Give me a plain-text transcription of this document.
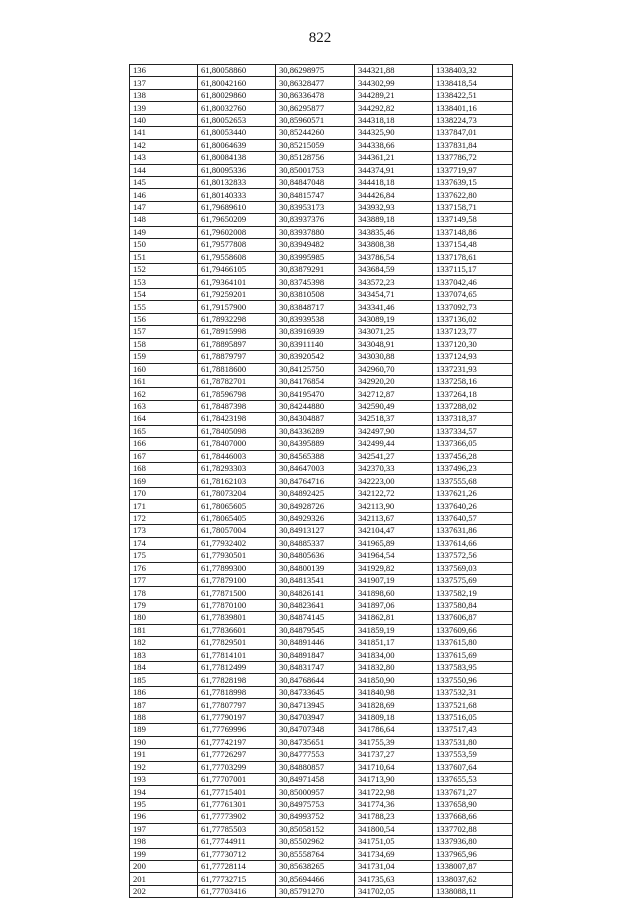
822
136	61,80058860	30,86298975	344321,88	1338403,32
137	61,80042160	30,86328477	344302,99	1338418,54
138	61,80029860	30,86336478	344289,21	1338422,51
139	61,80032760	30,86295877	344292,82	1338401,16
140	61,80052653	30,85960571	344318,18	1338224,73
141	61,80053440	30,85244260	344325,90	1337847,01
142	61,80064639	30,85215059	344338,66	1337831,84
143	61,80084138	30,85128756	344361,21	1337786,72
144	61,80095336	30,85001753	344374,91	1337719,97
145	61,80132833	30,84847048	344418,18	1337639,15
146	61,80140333	30,84815747	344426,84	1337622,80
147	61,79689610	30,83953173	343932,93	1337158,71
148	61,79650209	30,83937376	343889,18	1337149,58
149	61,79602008	30,83937880	343835,46	1337148,86
150	61,79577808	30,83949482	343808,38	1337154,48
151	61,79558608	30,83995985	343786,54	1337178,61
152	61,79466105	30,83879291	343684,59	1337115,17
153	61,79364101	30,83745398	343572,23	1337042,46
154	61,79259201	30,83810508	343454,71	1337074,65
155	61,79157900	30,83848717	343341,46	1337092,73
156	61,78932298	30,83939538	343089,19	1337136,02
157	61,78915998	30,83916939	343071,25	1337123,77
158	61,78895897	30,83911140	343048,91	1337120,30
159	61,78879797	30,83920542	343030,88	1337124,93
160	61,78818600	30,84125750	342960,70	1337231,93
161	61,78782701	30,84176854	342920,20	1337258,16
162	61,78596798	30,84195470	342712,87	1337264,18
163	61,78487398	30,84244880	342590,49	1337288,02
164	61,78423198	30,84304887	342518,37	1337318,37
165	61,78405098	30,84336289	342497,90	1337334,57
166	61,78407000	30,84395889	342499,44	1337366,05
167	61,78446003	30,84565388	342541,27	1337456,28
168	61,78293303	30,84647003	342370,33	1337496,23
169	61,78162103	30,84764716	342223,00	1337555,68
170	61,78073204	30,84892425	342122,72	1337621,26
171	61,78065605	30,84928726	342113,90	1337640,26
172	61,78065405	30,84929326	342113,67	1337640,57
173	61,78057004	30,84913127	342104,47	1337631,86
174	61,77932402	30,84885337	341965,89	1337614,66
175	61,77930501	30,84805636	341964,54	1337572,56
176	61,77899300	30,84800139	341929,82	1337569,03
177	61,77879100	30,84813541	341907,19	1337575,69
178	61,77871500	30,84826141	341898,60	1337582,19
179	61,77870100	30,84823641	341897,06	1337580,84
180	61,77839801	30,84874145	341862,81	1337606,87
181	61,77836601	30,84879545	341859,19	1337609,66
182	61,77829501	30,84891446	341851,17	1337615,80
183	61,77814101	30,84891847	341834,00	1337615,69
184	61,77812499	30,84831747	341832,80	1337583,95
185	61,77828198	30,84768644	341850,90	1337550,96
186	61,77818998	30,84733645	341840,98	1337532,31
187	61,77807797	30,84713945	341828,69	1337521,68
188	61,77790197	30,84703947	341809,18	1337516,05
189	61,77769996	30,84707348	341786,64	1337517,43
190	61,77742197	30,84735651	341755,39	1337531,80
191	61,77726297	30,84777553	341737,27	1337553,59
192	61,77703299	30,84880857	341710,64	1337607,64
193	61,77707001	30,84971458	341713,90	1337655,53
194	61,77715401	30,85000957	341722,98	1337671,27
195	61,77761301	30,84975753	341774,36	1337658,90
196	61,77773902	30,84993752	341788,23	1337668,66
197	61,77785503	30,85058152	341800,54	1337702,88
198	61,77744911	30,85502962	341751,05	1337936,80
199	61,77730712	30,85558764	341734,69	1337965,96
200	61,77728114	30,85638265	341731,04	1338007,87
201	61,77732715	30,85694466	341735,63	1338037,62
202	61,77703416	30,85791270	341702,05	1338088,11
